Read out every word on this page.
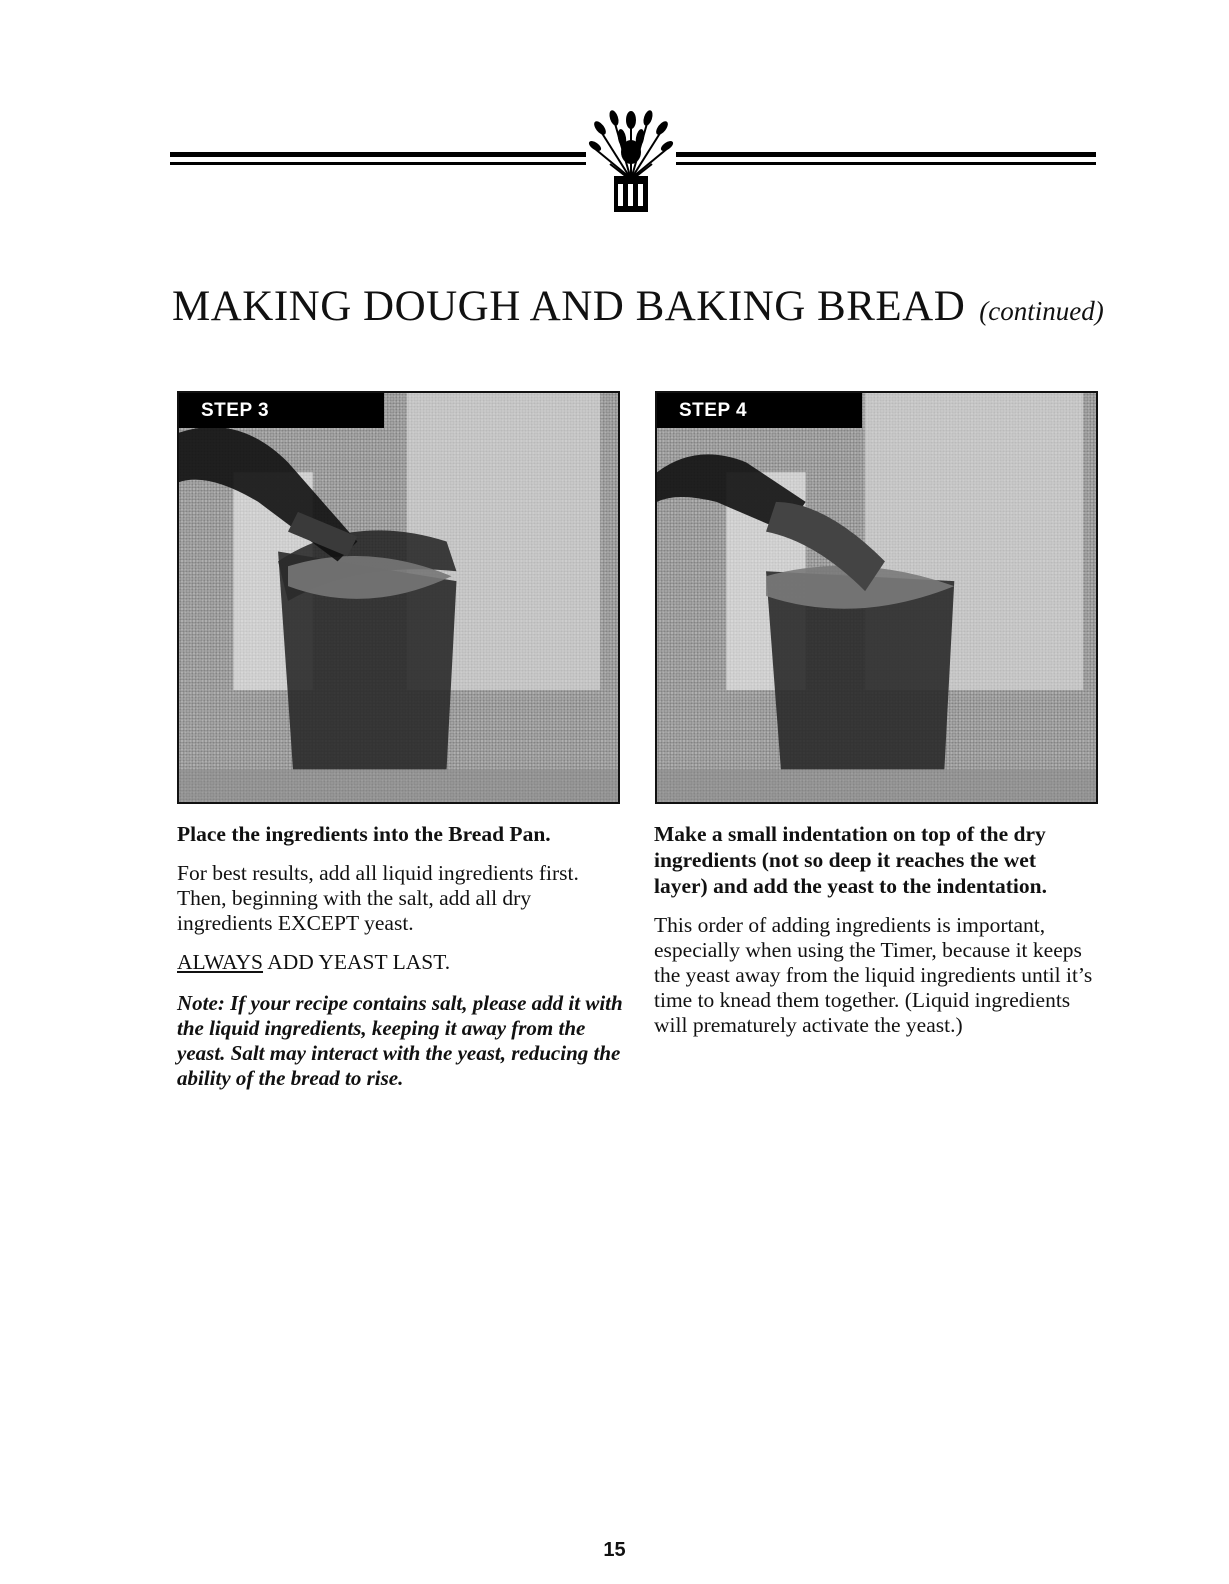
MAKING DOUGH AND BAKING BREAD (continued)
STEP 3	STEP 4

Place the ingredients into the Bread Pan.

For best results, add all liquid ingredients first. Then, beginning with the salt, add all dry ingredients EXCEPT yeast.

ALWAYS ADD YEAST LAST.

Note: If your recipe contains salt, please add it with the liquid ingredients, keeping it away from the yeast. Salt may interact with the yeast, reducing the ability of the bread to rise.

Make a small indentation on top of the dry ingredients (not so deep it reaches the wet layer) and add the yeast to the indentation.

This order of adding ingredients is important, especially when using the Timer, because it keeps the yeast away from the liquid ingredients until it’s time to knead them together. (Liquid ingredients will prematurely activate the yeast.)

15
